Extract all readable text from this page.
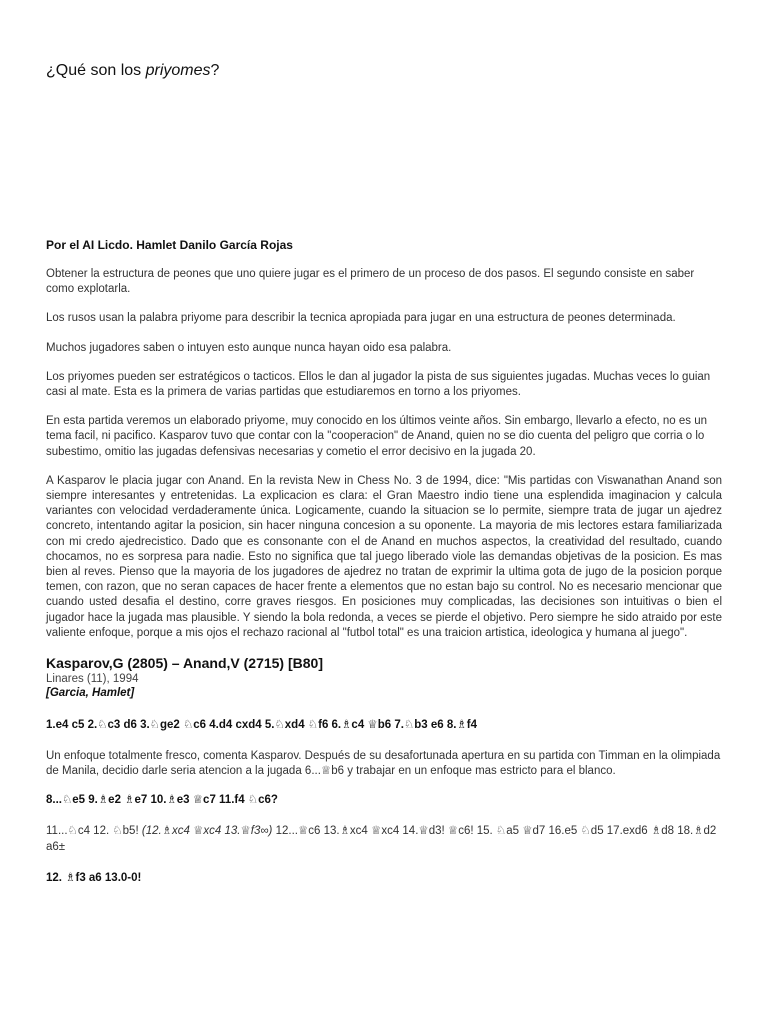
¿Qué son los priyomes?

Por el AI Licdo. Hamlet Danilo García Rojas

Obtener la estructura de peones que uno quiere jugar es el primero de un proceso de dos pasos. El segundo consiste en saber como explotarla.

Los rusos usan la palabra priyome para describir la tecnica apropiada para jugar en una estructura de peones determinada.

Muchos jugadores saben o intuyen esto aunque nunca hayan oido esa palabra.

Los priyomes pueden ser estratégicos o tacticos. Ellos le dan al jugador la pista de sus siguientes jugadas. Muchas veces lo guian casi al mate. Esta es la primera de varias partidas que estudiaremos en torno a los priyomes.

En esta partida veremos un elaborado priyome, muy conocido en los últimos veinte años. Sin embargo, llevarlo a efecto, no es un tema facil, ni pacifico. Kasparov tuvo que contar con la "cooperacion" de Anand, quien no se dio cuenta del peligro que corria o lo subestimo, omitio las jugadas defensivas necesarias y cometio el error decisivo en la jugada 20.

A Kasparov le placia jugar con Anand. En la revista New in Chess No. 3 de 1994, dice: "Mis partidas con Viswanathan Anand son siempre interesantes y entretenidas. La explicacion es clara: el Gran Maestro indio tiene una esplendida imaginacion y calcula variantes con velocidad verdaderamente única. Logicamente, cuando la situacion se lo permite, siempre trata de jugar un ajedrez concreto, intentando agitar la posicion, sin hacer ninguna concesion a su oponente. La mayoria de mis lectores estara familiarizada con mi credo ajedrecistico. Dado que es consonante con el de Anand en muchos aspectos, la creatividad del resultado, cuando chocamos, no es sorpresa para nadie. Esto no significa que tal juego liberado viole las demandas objetivas de la posicion. Es mas bien al reves. Pienso que la mayoria de los jugadores de ajedrez no tratan de exprimir la ultima gota de jugo de la posicion porque temen, con razon, que no seran capaces de hacer frente a elementos que no estan bajo su control. No es necesario mencionar que cuando usted desafia el destino, corre graves riesgos. En posiciones muy complicadas, las decisiones son intuitivas o bien el jugador hace la jugada mas plausible. Y siendo la bola redonda, a veces se pierde el objetivo. Pero siempre he sido atraido por este valiente enfoque, porque a mis ojos el rechazo racional al "futbol total" es una traicion artistica, ideologica y humana al juego".

Kasparov,G (2805) – Anand,V (2715) [B80]
Linares (11), 1994
[Garcia, Hamlet]

1.e4 c5 2.♘c3 d6 3.♘ge2 ♘c6 4.d4 cxd4 5.♘xd4 ♘f6 6.♗c4 ♕b6 7.♘b3 e6 8.♗f4

Un enfoque totalmente fresco, comenta Kasparov. Después de su desafortunada apertura en su partida con Timman en la olimpiada de Manila, decidio darle seria atencion a la jugada 6...♕b6 y trabajar en un enfoque mas estricto para el blanco.

8...♘e5 9.♗e2 ♗e7 10.♗e3 ♕c7 11.f4 ♘c6?

11...♘c4 12. ♘b5! (12.♗xc4 ♕xc4 13.♕f3∞) 12...♕c6 13.♗xc4 ♕xc4 14.♕d3! ♕c6! 15. ♘a5 ♕d7 16.e5 ♘d5 17.exd6 ♗d8 18.♗d2 a6±

12. ♗f3 a6 13.0-0!
